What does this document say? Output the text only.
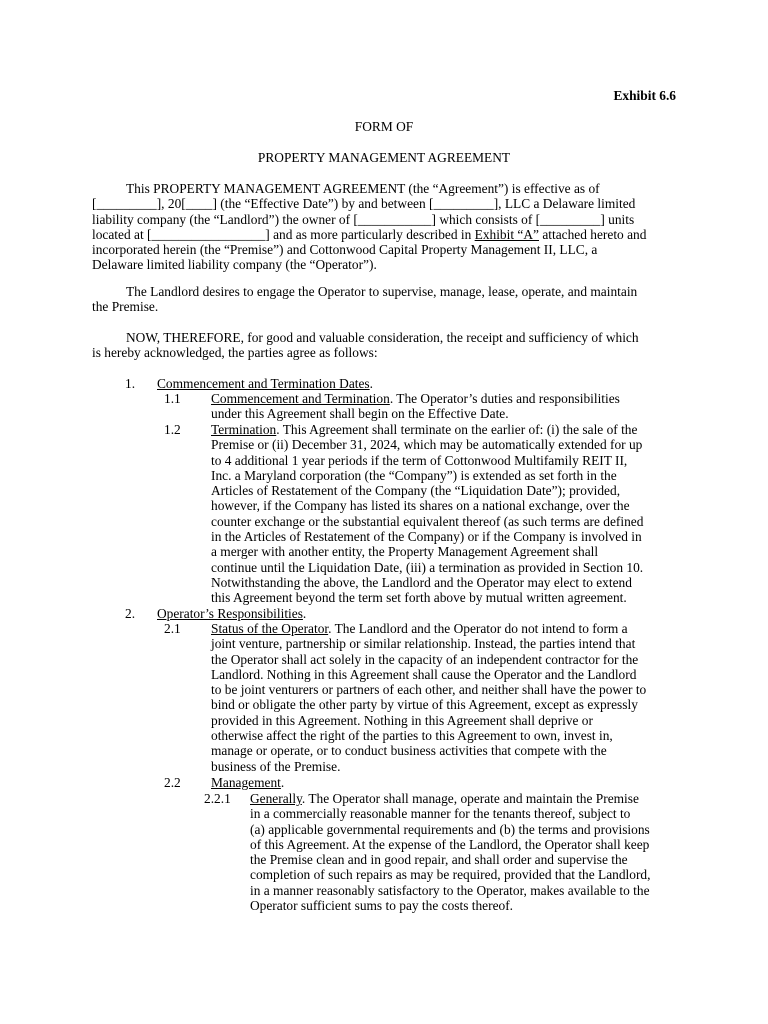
Exhibit 6.6

FORM OF

PROPERTY MANAGEMENT AGREEMENT

This PROPERTY MANAGEMENT AGREEMENT (the “Agreement”) is effective as of
[_________], 20[____] (the “Effective Date”) by and between [_________], LLC a Delaware limited
liability company (the “Landlord”) the owner of [___________] which consists of [_________] units
located at [_________________] and as more particularly described in Exhibit “A” attached hereto and
incorporated herein (the “Premise”) and Cottonwood Capital Property Management II, LLC, a
Delaware limited liability company (the “Operator”).

The Landlord desires to engage the Operator to supervise, manage, lease, operate, and maintain
the Premise.

NOW, THEREFORE, for good and valuable consideration, the receipt and sufficiency of which
is hereby acknowledged, the parties agree as follows:

1. Commencement and Termination Dates.
1.1 Commencement and Termination. The Operator’s duties and responsibilities
under this Agreement shall begin on the Effective Date.
1.2 Termination. This Agreement shall terminate on the earlier of: (i) the sale of the
Premise or (ii) December 31, 2024, which may be automatically extended for up
to 4 additional 1 year periods if the term of Cottonwood Multifamily REIT II,
Inc. a Maryland corporation (the “Company”) is extended as set forth in the
Articles of Restatement of the Company (the “Liquidation Date”); provided,
however, if the Company has listed its shares on a national exchange, over the
counter exchange or the substantial equivalent thereof (as such terms are defined
in the Articles of Restatement of the Company) or if the Company is involved in
a merger with another entity, the Property Management Agreement shall
continue until the Liquidation Date, (iii) a termination as provided in Section 10.
Notwithstanding the above, the Landlord and the Operator may elect to extend
this Agreement beyond the term set forth above by mutual written agreement.
2. Operator’s Responsibilities.
2.1 Status of the Operator. The Landlord and the Operator do not intend to form a
joint venture, partnership or similar relationship. Instead, the parties intend that
the Operator shall act solely in the capacity of an independent contractor for the
Landlord. Nothing in this Agreement shall cause the Operator and the Landlord
to be joint venturers or partners of each other, and neither shall have the power to
bind or obligate the other party by virtue of this Agreement, except as expressly
provided in this Agreement. Nothing in this Agreement shall deprive or
otherwise affect the right of the parties to this Agreement to own, invest in,
manage or operate, or to conduct business activities that compete with the
business of the Premise.
2.2 Management.
2.2.1 Generally. The Operator shall manage, operate and maintain the Premise
in a commercially reasonable manner for the tenants thereof, subject to
(a) applicable governmental requirements and (b) the terms and provisions
of this Agreement. At the expense of the Landlord, the Operator shall keep
the Premise clean and in good repair, and shall order and supervise the
completion of such repairs as may be required, provided that the Landlord,
in a manner reasonably satisfactory to the Operator, makes available to the
Operator sufficient sums to pay the costs thereof.
